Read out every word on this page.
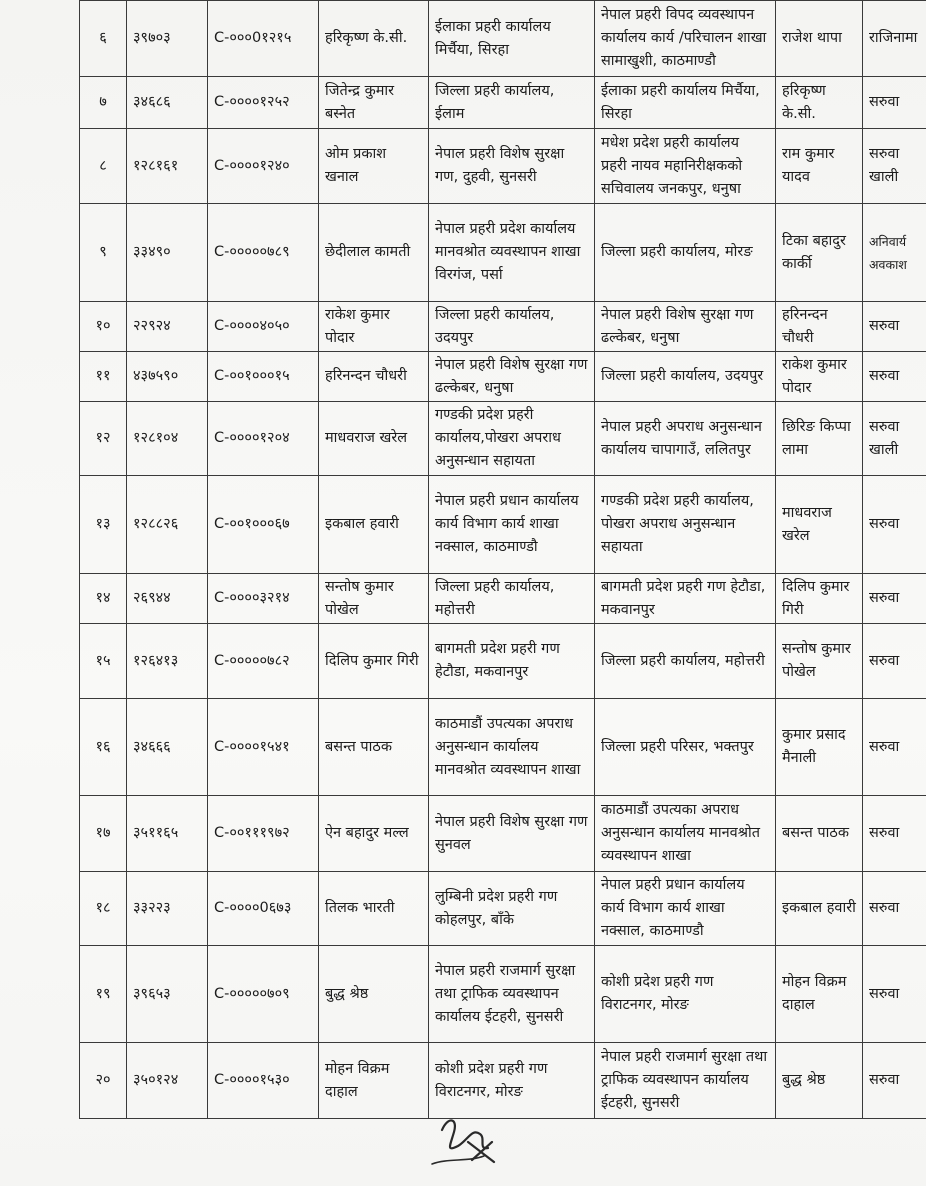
६	३९७०३	C-०००0१२१५	हरिकृष्ण के.सी.	ईलाका प्रहरी कार्यालय मिर्चैया, सिरहा	नेपाल प्रहरी विपद व्यवस्थापन कार्यालय कार्य /परिचालन शाखा सामाखुशी, काठमाण्डौ	राजेश थापा	राजिनामा
७	३४६८६	C-००००१२५२	जितेन्द्र कुमार बस्नेत	जिल्ला प्रहरी कार्यालय, ईलाम	ईलाका प्रहरी कार्यालय मिर्चैया, सिरहा	हरिकृष्ण के.सी.	सरुवा
८	१२८१६१	C-००००१२४०	ओम प्रकाश खनाल	नेपाल प्रहरी विशेष सुरक्षा गण, दुहवी, सुनसरी	मधेश प्रदेश प्रहरी कार्यालय प्रहरी नायव महानिरीक्षकको सचिवालय जनकपुर, धनुषा	राम कुमार यादव	सरुवा खाली
९	३३४९०	C-०००००७८९	छेदीलाल कामती	नेपाल प्रहरी प्रदेश कार्यालय मानवश्रोत व्यवस्थापन शाखा विरगंज, पर्सा	जिल्ला प्रहरी कार्यालय, मोरङ	टिका बहादुर कार्की	अनिवार्य अवकाश
१०	२२९२४	C-००००४०५०	राकेश कुमार पोदार	जिल्ला प्रहरी कार्यालय, उदयपुर	नेपाल प्रहरी विशेष सुरक्षा गण ढल्केबर, धनुषा	हरिनन्दन चौधरी	सरुवा
११	४३७५९०	C-००१०००१५	हरिनन्दन चौधरी	नेपाल प्रहरी विशेष सुरक्षा गण ढल्केबर, धनुषा	जिल्ला प्रहरी कार्यालय, उदयपुर	राकेश कुमार पोदार	सरुवा
१२	१२८१०४	C-००००१२०४	माधवराज खरेल	गण्डकी प्रदेश प्रहरी कार्यालय,पोखरा अपराध अनुसन्धान सहायता	नेपाल प्रहरी अपराध अनुसन्धान कार्यालय चापागाउँ, ललितपुर	छिरिङ किप्पा लामा	सरुवा खाली
१३	१२८८२६	C-००१०००६७	इकबाल हवारी	नेपाल प्रहरी प्रधान कार्यालय कार्य विभाग कार्य शाखा नक्साल, काठमाण्डौ	गण्डकी प्रदेश प्रहरी कार्यालय, पोखरा अपराध अनुसन्धान सहायता	माधवराज खरेल	सरुवा
१४	२६९४४	C-००००३२१४	सन्तोष कुमार पोखेल	जिल्ला प्रहरी कार्यालय, महोत्तरी	बागमती प्रदेश प्रहरी गण हेटौडा, मकवानपुर	दिलिप कुमार गिरी	सरुवा
१५	१२६४१३	C-०००००७८२	दिलिप कुमार गिरी	बागमती प्रदेश प्रहरी गण हेटौडा, मकवानपुर	जिल्ला प्रहरी कार्यालय, महोत्तरी	सन्तोष कुमार पोखेल	सरुवा
१६	३४६६६	C-००००१५४१	बसन्त पाठक	काठमाडौं उपत्यका अपराध अनुसन्धान कार्यालय मानवश्रोत व्यवस्थापन शाखा	जिल्ला प्रहरी परिसर, भक्तपुर	कुमार प्रसाद मैनाली	सरुवा
१७	३५११६५	C-००१११९७२	ऐन बहादुर मल्ल	नेपाल प्रहरी विशेष सुरक्षा गण सुनवल	काठमाडौं उपत्यका अपराध अनुसन्धान कार्यालय मानवश्रोत व्यवस्थापन शाखा	बसन्त पाठक	सरुवा
१८	३३२२३	C-००००0६७३	तिलक भारती	लुम्बिनी प्रदेश प्रहरी गण कोहलपुर, बाँके	नेपाल प्रहरी प्रधान कार्यालय कार्य विभाग कार्य शाखा नक्साल, काठमाण्डौ	इकबाल हवारी	सरुवा
१९	३९६५३	C-०००००७०९	बुद्ध श्रेष्ठ	नेपाल प्रहरी राजमार्ग सुरक्षा तथा ट्राफिक व्यवस्थापन कार्यालय ईटहरी, सुनसरी	कोशी प्रदेश प्रहरी गण विराटनगर, मोरङ	मोहन विक्रम दाहाल	सरुवा
२०	३५०१२४	C-००००१५३०	मोहन विक्रम दाहाल	कोशी प्रदेश प्रहरी गण विराटनगर, मोरङ	नेपाल प्रहरी राजमार्ग सुरक्षा तथा ट्राफिक व्यवस्थापन कार्यालय ईटहरी, सुनसरी	बुद्ध श्रेष्ठ	सरुवा
